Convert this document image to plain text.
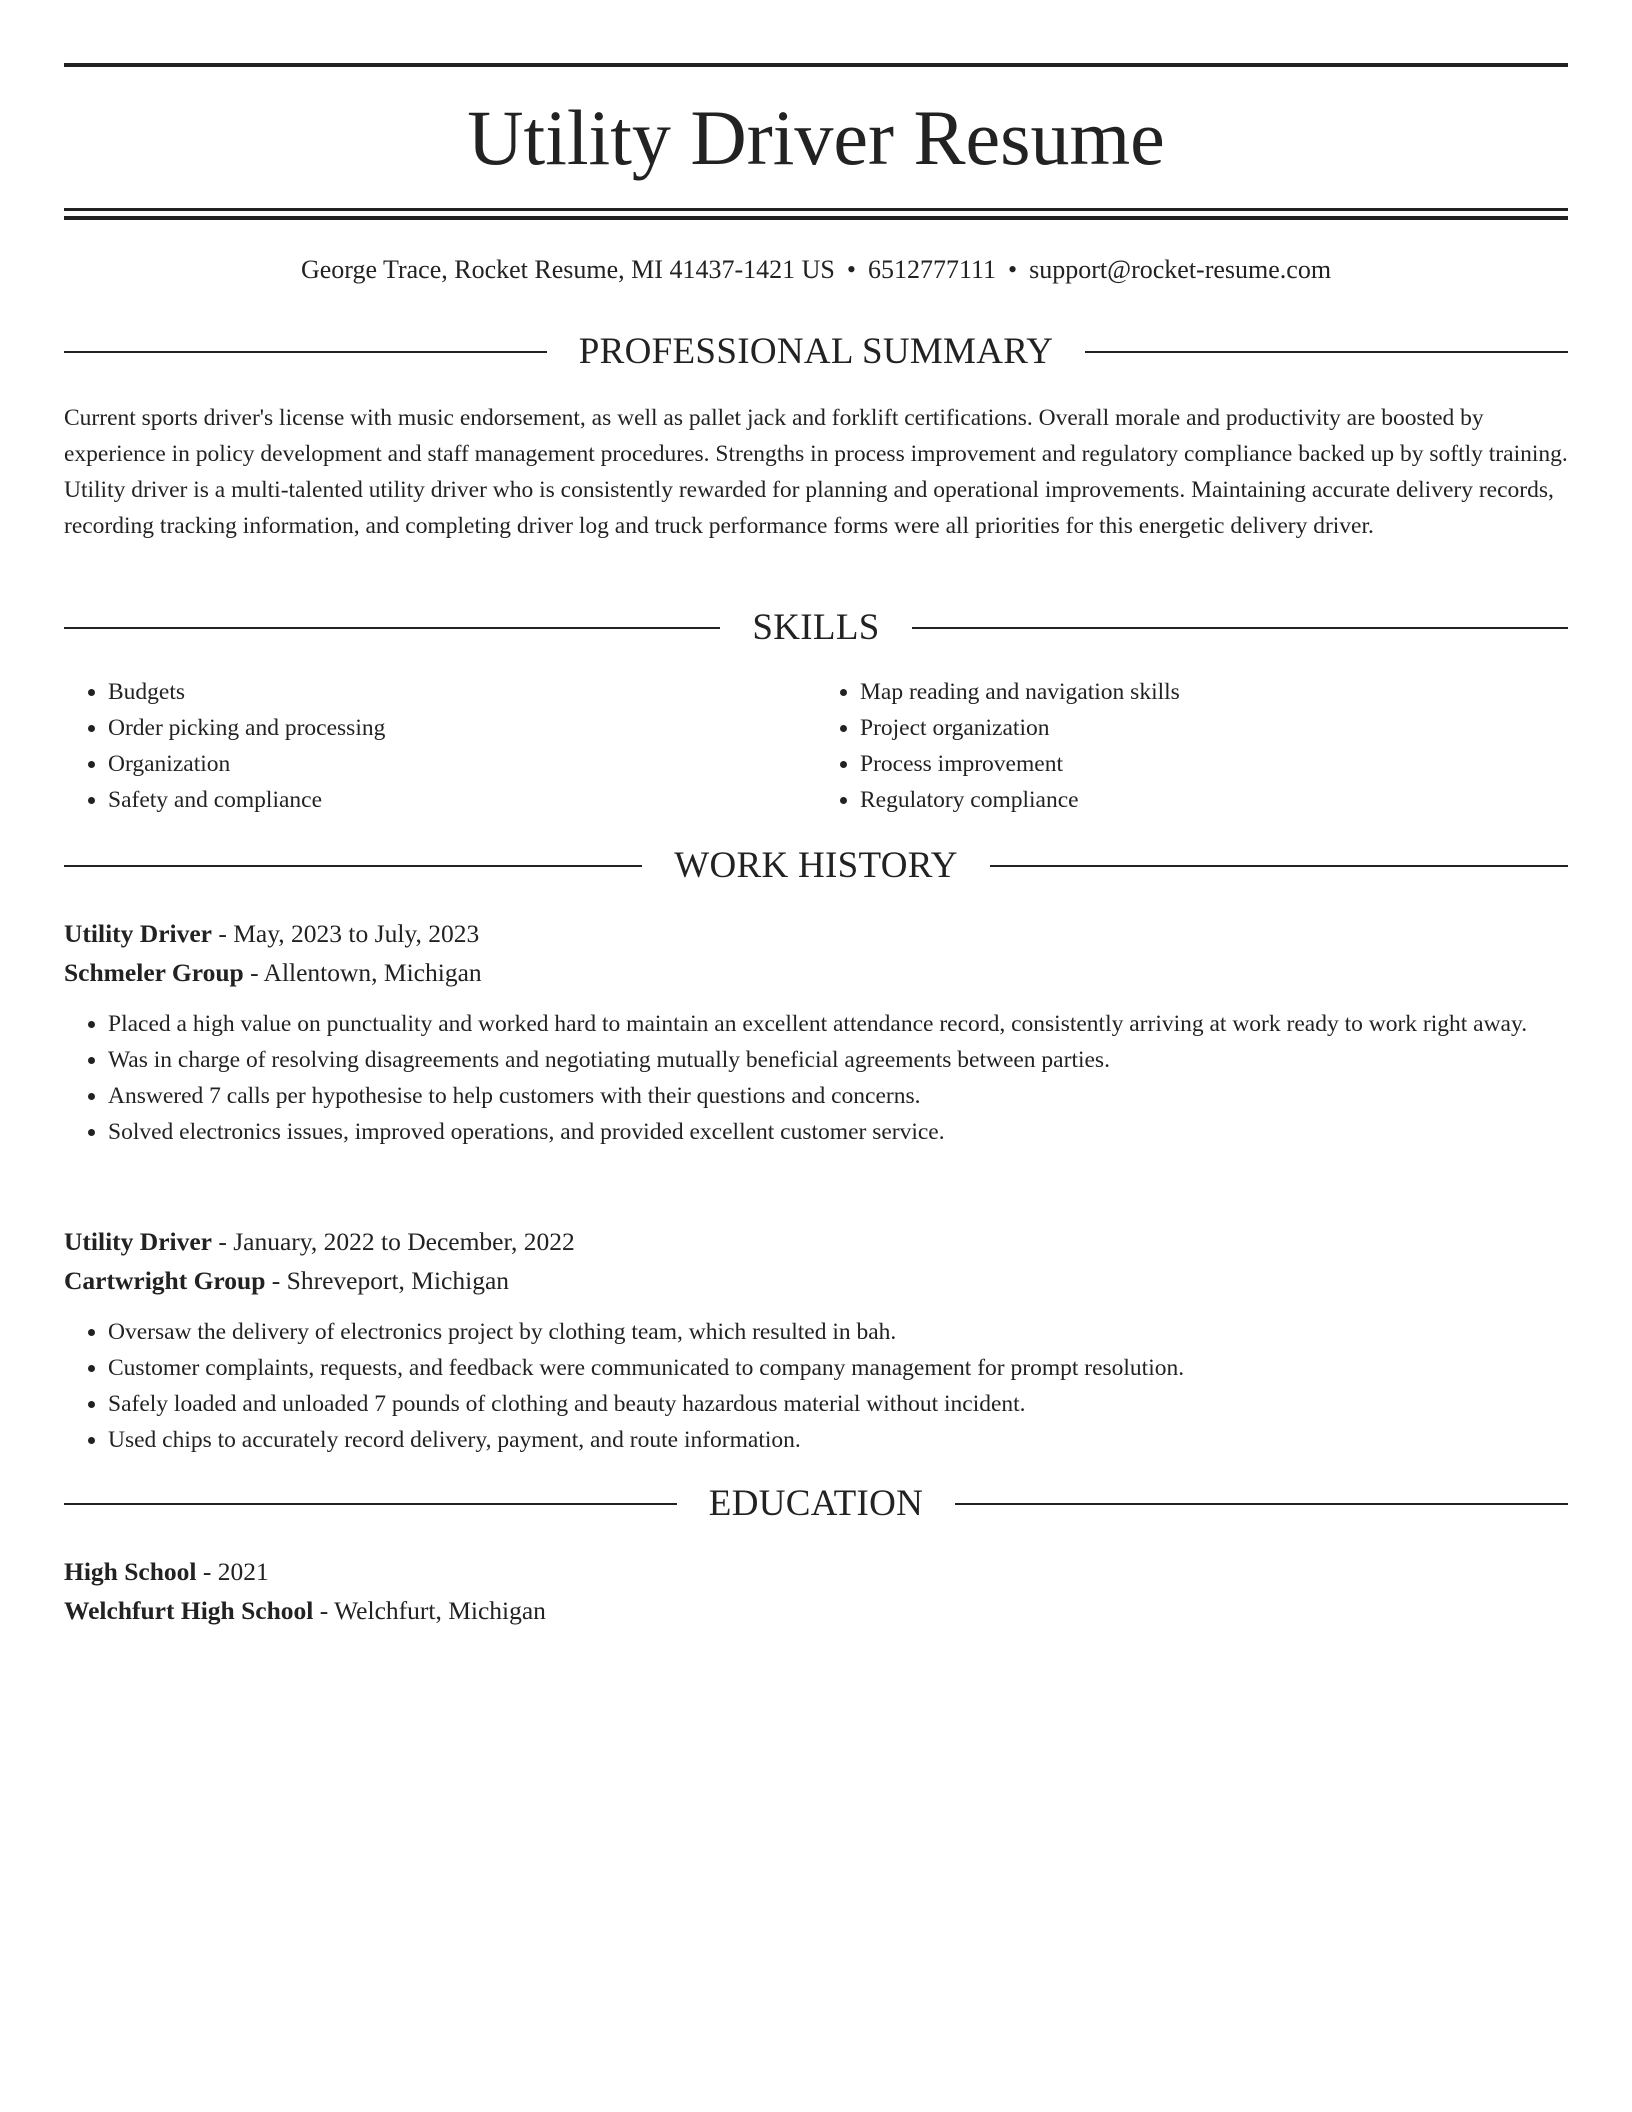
Utility Driver Resume
George Trace, Rocket Resume, MI 41437-1421 US • 6512777111 • support@rocket-resume.com
PROFESSIONAL SUMMARY

Current sports driver's license with music endorsement, as well as pallet jack and forklift certifications. Overall morale and productivity are boosted by experience in policy development and staff management procedures. Strengths in process improvement and regulatory compliance backed up by softly training. Utility driver is a multi-talented utility driver who is consistently rewarded for planning and operational improvements. Maintaining accurate delivery records, recording tracking information, and completing driver log and truck performance forms were all priorities for this energetic delivery driver.

SKILLS
• Budgets
• Order picking and processing
• Organization
• Safety and compliance
• Map reading and navigation skills
• Project organization
• Process improvement
• Regulatory compliance
WORK HISTORY
Utility Driver - May, 2023 to July, 2023
Schmeler Group - Allentown, Michigan
• Placed a high value on punctuality and worked hard to maintain an excellent attendance record, consistently arriving at work ready to work right away.
• Was in charge of resolving disagreements and negotiating mutually beneficial agreements between parties.
• Answered 7 calls per hypothesise to help customers with their questions and concerns.
• Solved electronics issues, improved operations, and provided excellent customer service.
Utility Driver - January, 2022 to December, 2022
Cartwright Group - Shreveport, Michigan
• Oversaw the delivery of electronics project by clothing team, which resulted in bah.
• Customer complaints, requests, and feedback were communicated to company management for prompt resolution.
• Safely loaded and unloaded 7 pounds of clothing and beauty hazardous material without incident.
• Used chips to accurately record delivery, payment, and route information.
EDUCATION
High School - 2021
Welchfurt High School - Welchfurt, Michigan
